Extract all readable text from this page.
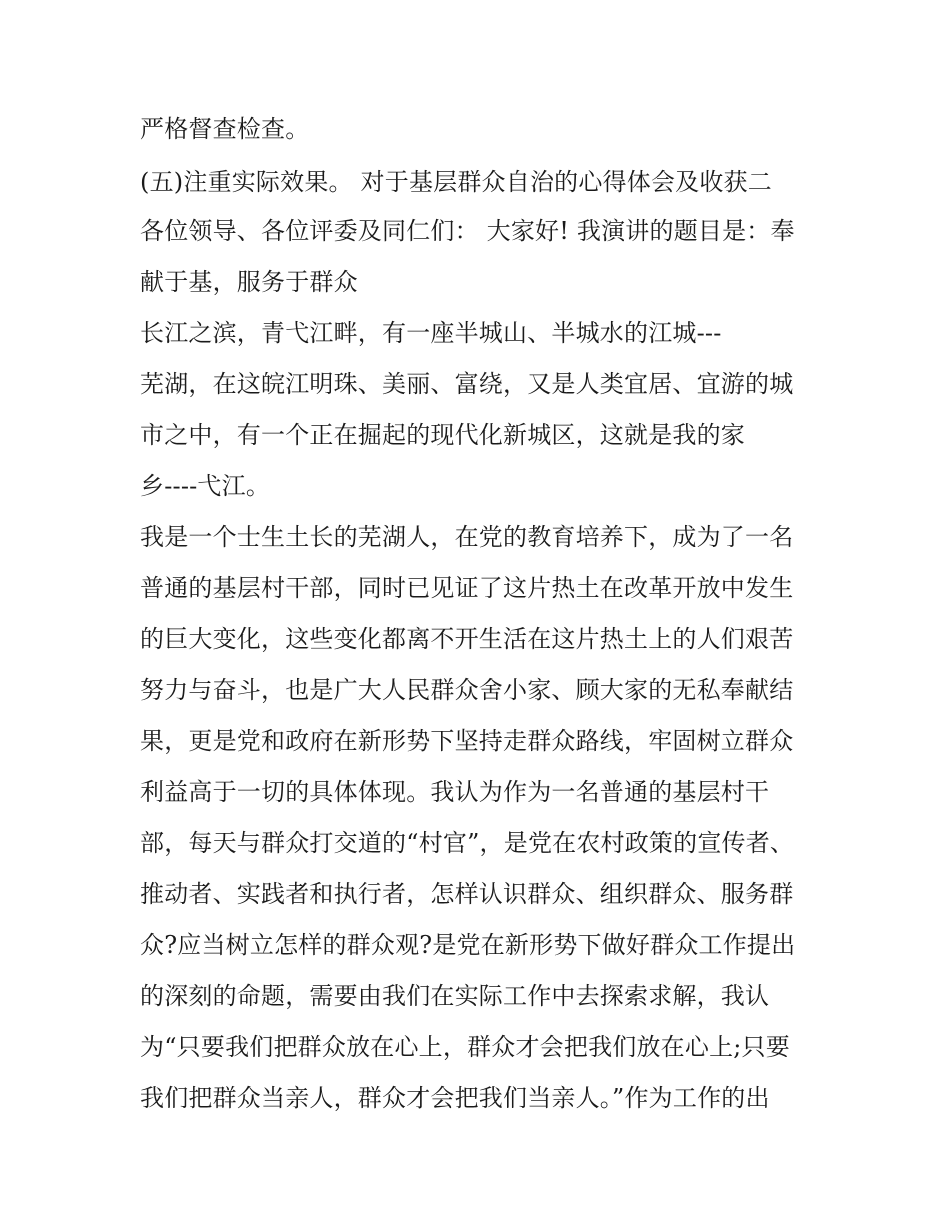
严格督查检查。
(五)注重实际效果。 对于基层群众自治的心得体会及收获二
各位领导、各位评委及同仁们： 大家好! 我演讲的题目是：奉
献于基，服务于群众
长江之滨，青弋江畔，有一座半城山、半城水的江城---
芜湖，在这皖江明珠、美丽、富绕，又是人类宜居、宜游的城
市之中，有一个正在掘起的现代化新城区，这就是我的家
乡----弋江。
我是一个士生土长的芜湖人，在党的教育培养下，成为了一名
普通的基层村干部，同时已见证了这片热土在改革开放中发生
的巨大变化，这些变化都离不开生活在这片热土上的人们艰苦
努力与奋斗，也是广大人民群众舍小家、顾大家的无私奉献结
果，更是党和政府在新形势下坚持走群众路线，牢固树立群众
利益高于一切的具体体现。我认为作为一名普通的基层村干
部，每天与群众打交道的“村官”，是党在农村政策的宣传者、
推动者、实践者和执行者，怎样认识群众、组织群众、服务群
众?应当树立怎样的群众观?是党在新形势下做好群众工作提出
的深刻的命题，需要由我们在实际工作中去探索求解，我认
为“只要我们把群众放在心上，群众才会把我们放在心上;只要
我们把群众当亲人，群众才会把我们当亲人。”作为工作的出
